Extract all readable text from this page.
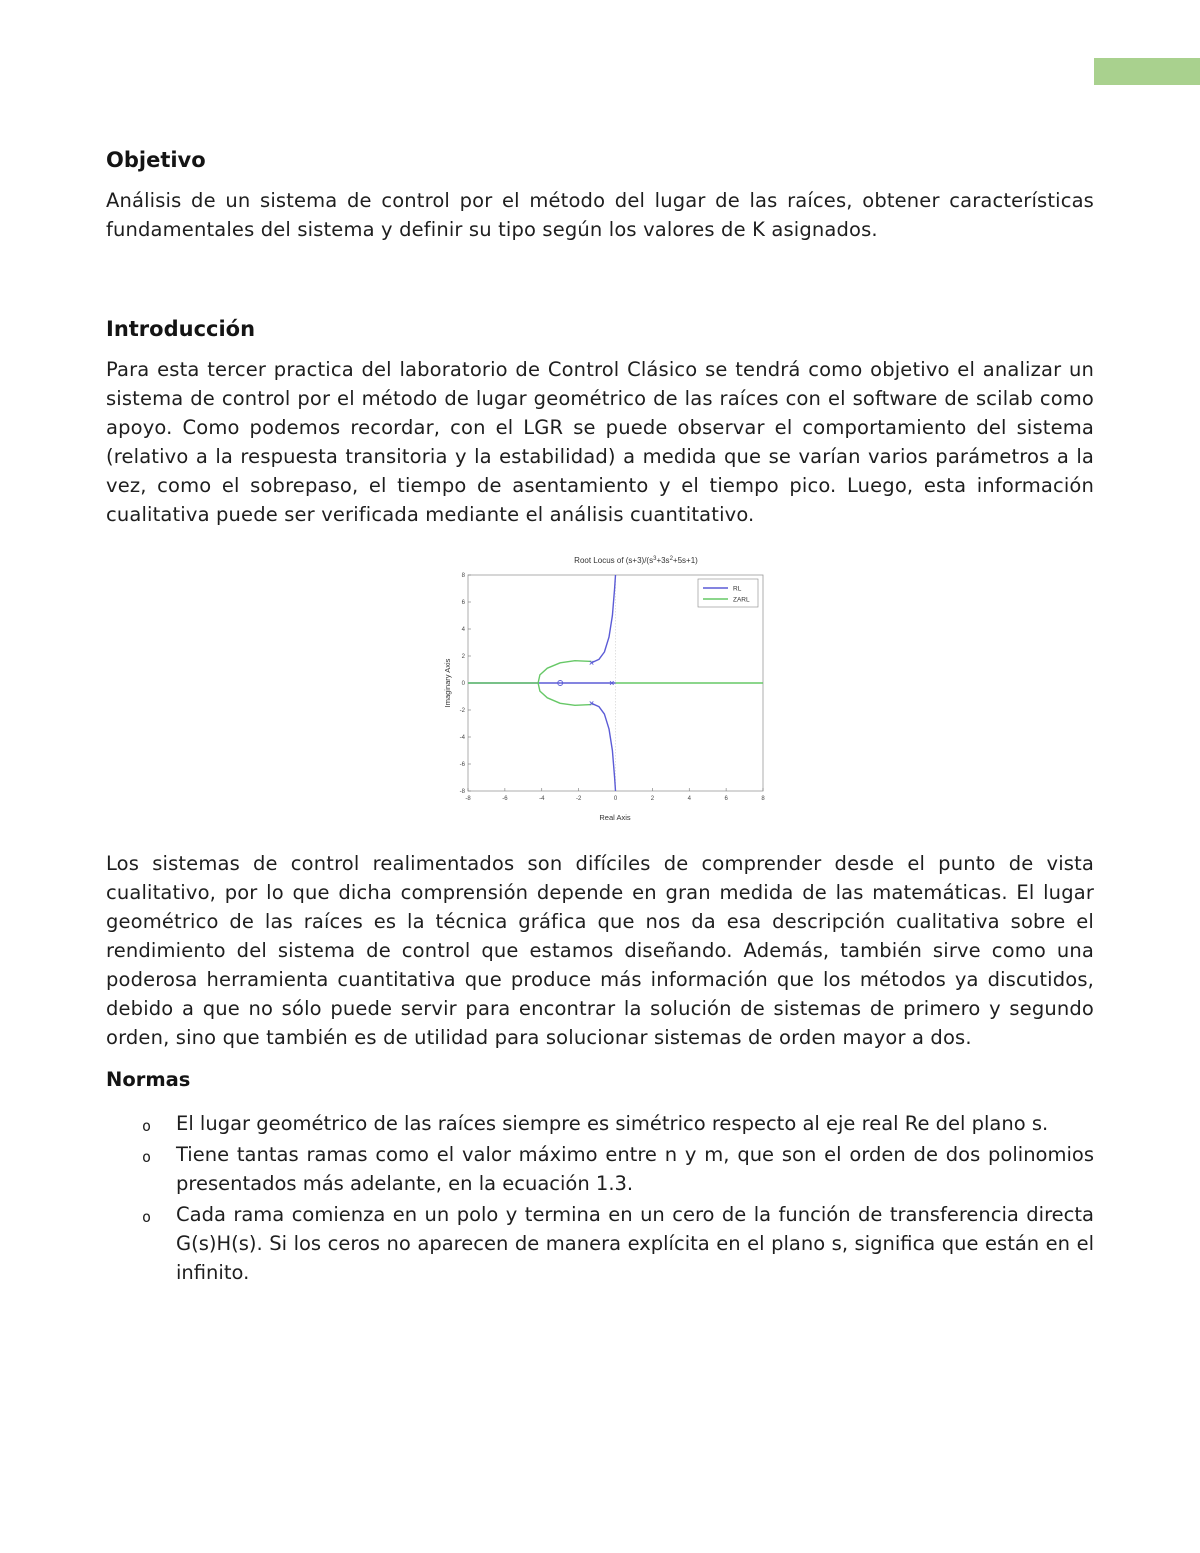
Objetivo

Análisis de un sistema de control por el método del lugar de las raíces, obtener características fundamentales del sistema y definir su tipo según los valores de K asignados.

Introducción

Para esta tercer practica del laboratorio de Control Clásico se tendrá como objetivo el analizar un sistema de control por el método de lugar geométrico de las raíces con el software de scilab como apoyo. Como podemos recordar, con el LGR se puede observar el comportamiento del sistema (relativo a la respuesta transitoria y la estabilidad) a medida que se varían varios parámetros a la vez, como el sobrepaso, el tiempo de asentamiento y el tiempo pico. Luego, esta información cualitativa puede ser verificada mediante el análisis cuantitativo.

Root Locus of $(s+3)/(s^3+3s^2+5s+1)$
-8	-6	-4	-2	0	2	4	6	8
8
6
4
2
0
-2
-4
-6
-8
RL
ZARL
Real Axis
Imaginary Axis

Los sistemas de control realimentados son difíciles de comprender desde el punto de vista cualitativo, por lo que dicha comprensión depende en gran medida de las matemáticas. El lugar geométrico de las raíces es la técnica gráfica que nos da esa descripción cualitativa sobre el rendimiento del sistema de control que estamos diseñando. Además, también sirve como una poderosa herramienta cuantitativa que produce más información que los métodos ya discutidos, debido a que no sólo puede servir para encontrar la solución de sistemas de primero y segundo orden, sino que también es de utilidad para solucionar sistemas de orden mayor a dos.

Normas
o El lugar geométrico de las raíces siempre es simétrico respecto al eje real Re del plano s.
o Tiene tantas ramas como el valor máximo entre n y m, que son el orden de dos polinomios presentados más adelante, en la ecuación 1.3.
o Cada rama comienza en un polo y termina en un cero de la función de transferencia directa G(s)H(s). Si los ceros no aparecen de manera explícita en el plano s, significa que están en el infinito.
